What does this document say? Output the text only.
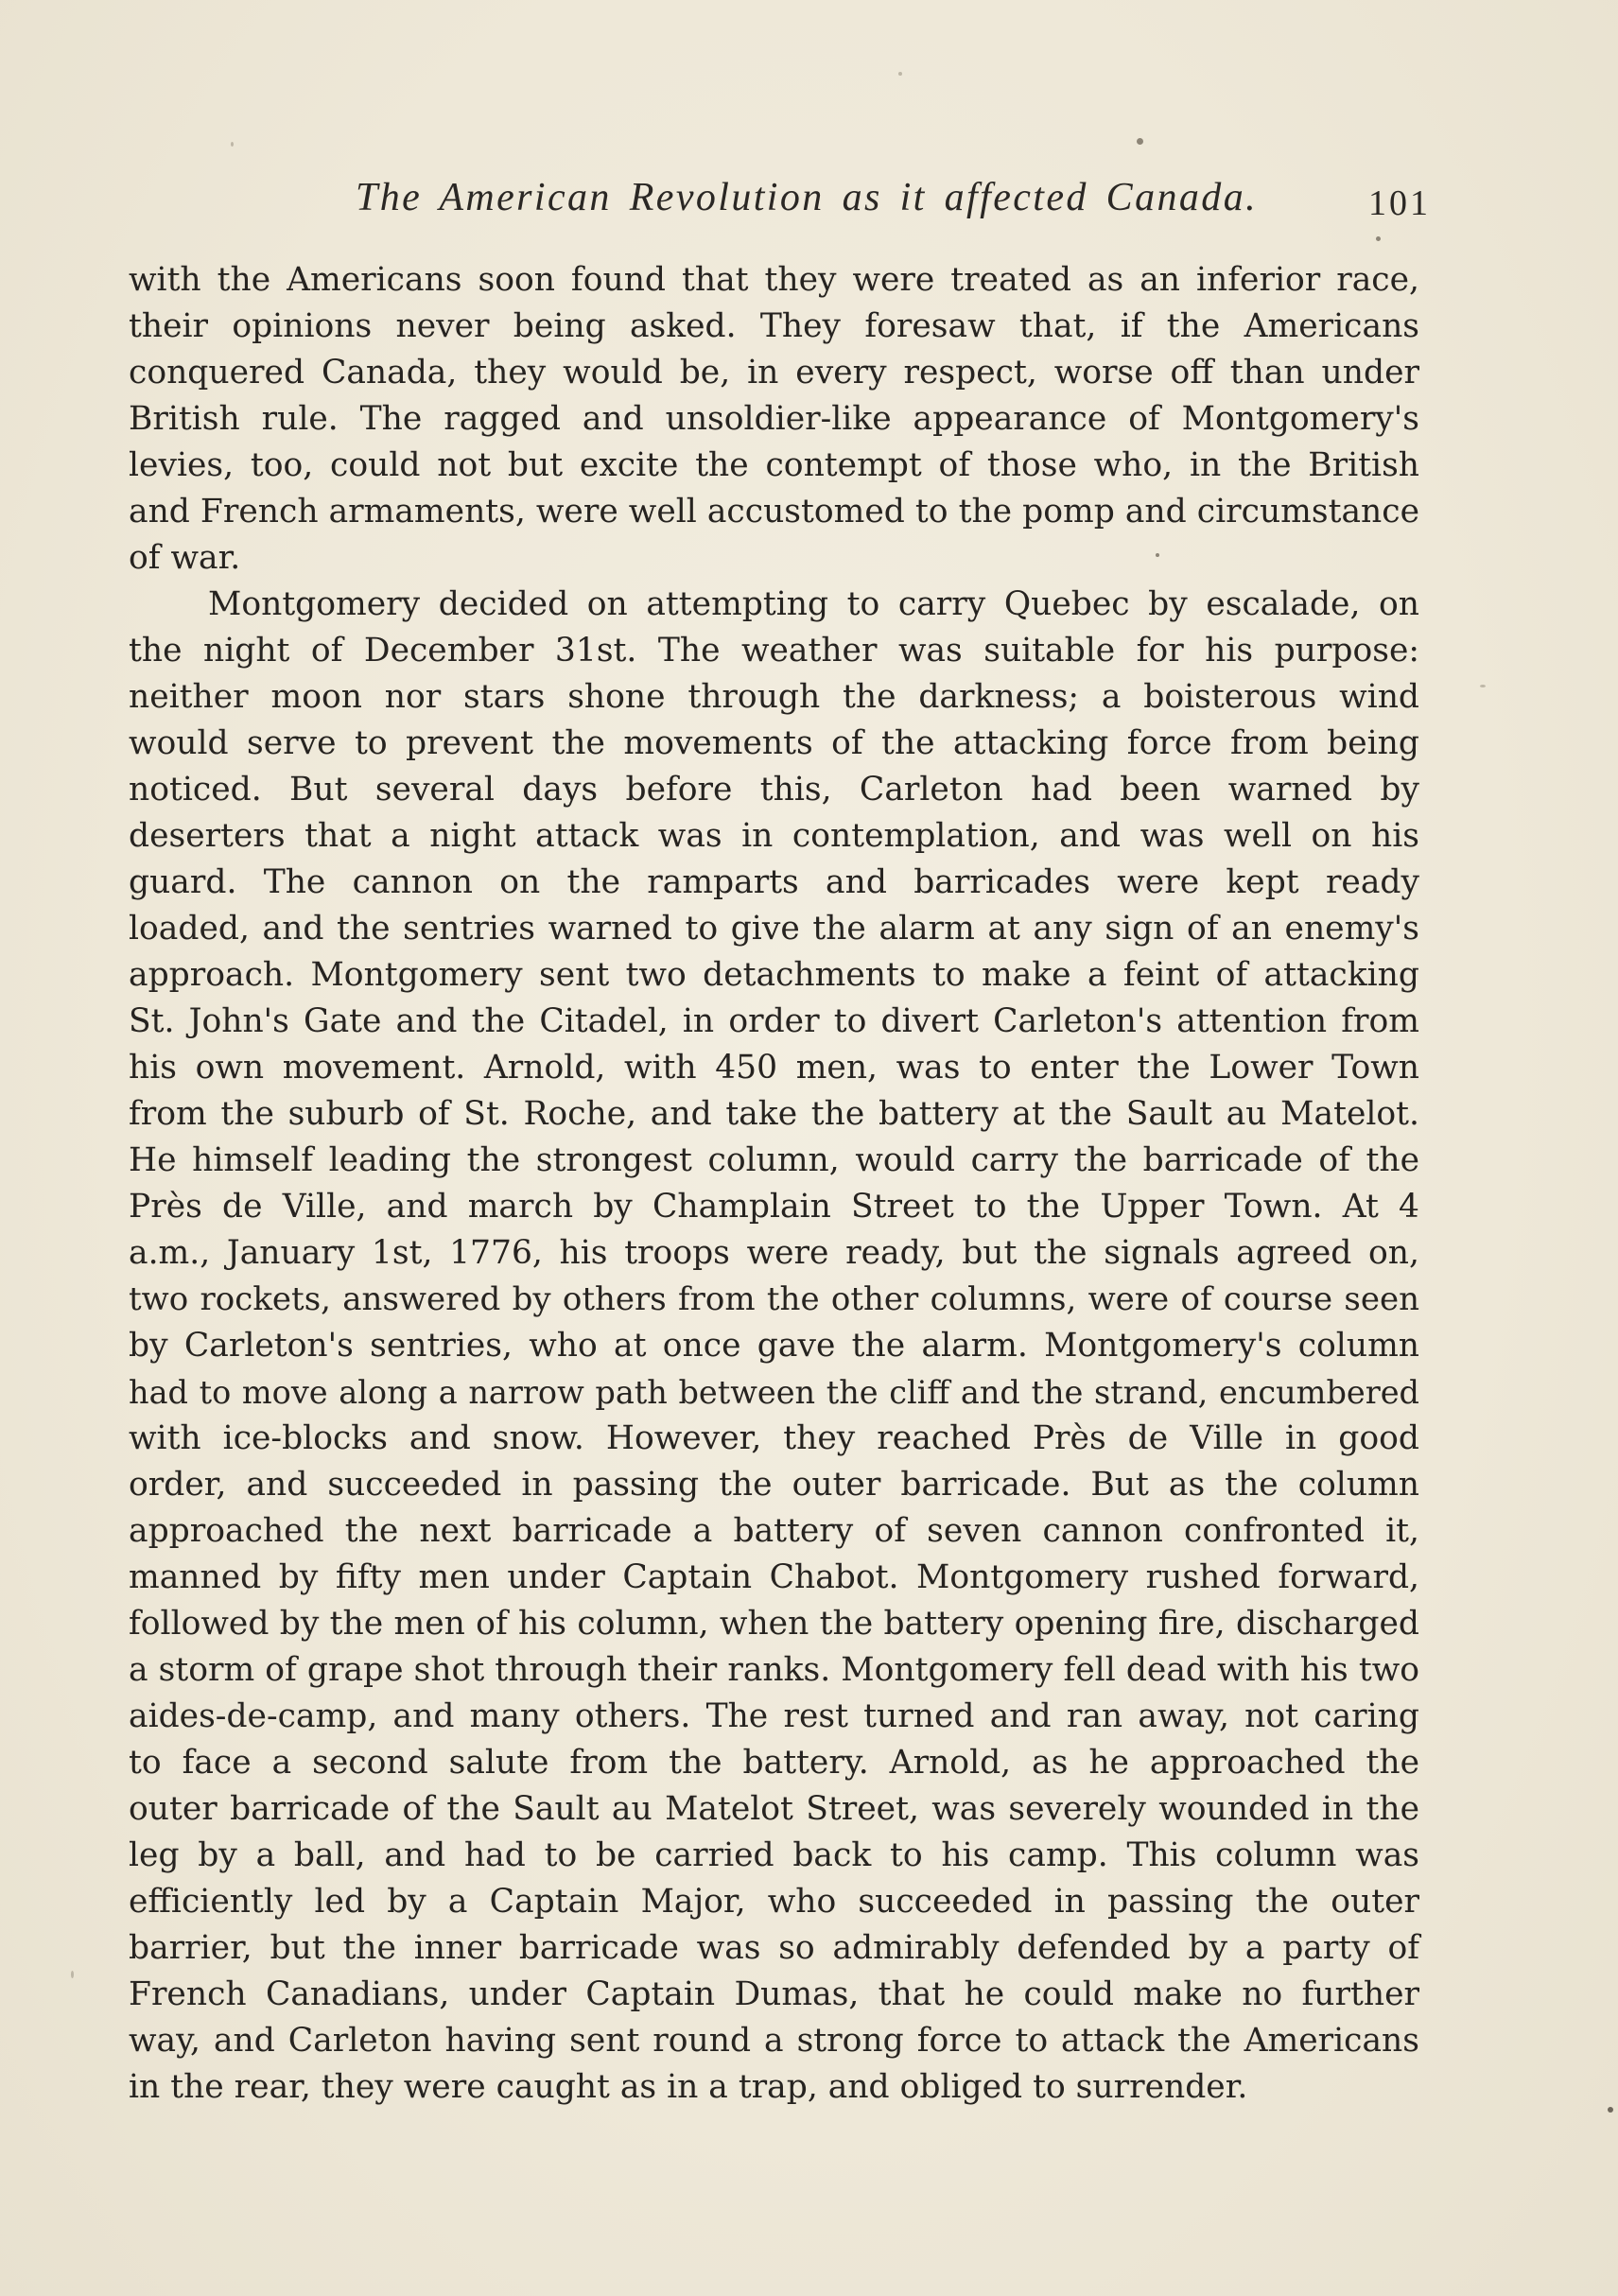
The American Revolution as it affected Canada.	101
with the Americans soon found that they were treated as an inferior race,
their opinions never being asked. They foresaw that, if the Americans
conquered Canada, they would be, in every respect, worse off than under
British rule. The ragged and unsoldier-like appearance of Montgomery's
levies, too, could not but excite the contempt of those who, in the British
and French armaments, were well accustomed to the pomp and circumstance
of war.
Montgomery decided on attempting to carry Quebec by escalade, on
the night of December 31st. The weather was suitable for his purpose:
neither moon nor stars shone through the darkness; a boisterous wind
would serve to prevent the movements of the attacking force from being
noticed. But several days before this, Carleton had been warned by
deserters that a night attack was in contemplation, and was well on his
guard. The cannon on the ramparts and barricades were kept ready
loaded, and the sentries warned to give the alarm at any sign of an enemy's
approach. Montgomery sent two detachments to make a feint of attacking
St. John's Gate and the Citadel, in order to divert Carleton's attention from
his own movement. Arnold, with 450 men, was to enter the Lower Town
from the suburb of St. Roche, and take the battery at the Sault au Matelot.
He himself leading the strongest column, would carry the barricade of the
Près de Ville, and march by Champlain Street to the Upper Town. At 4
a.m., January 1st, 1776, his troops were ready, but the signals agreed on,
two rockets, answered by others from the other columns, were of course seen
by Carleton's sentries, who at once gave the alarm. Montgomery's column
had to move along a narrow path between the cliff and the strand, encumbered
with ice-blocks and snow. However, they reached Près de Ville in good
order, and succeeded in passing the outer barricade. But as the column
approached the next barricade a battery of seven cannon confronted it,
manned by fifty men under Captain Chabot. Montgomery rushed forward,
followed by the men of his column, when the battery opening fire, discharged
a storm of grape shot through their ranks. Montgomery fell dead with his two
aides-de-camp, and many others. The rest turned and ran away, not caring
to face a second salute from the battery. Arnold, as he approached the
outer barricade of the Sault au Matelot Street, was severely wounded in the
leg by a ball, and had to be carried back to his camp. This column was
efficiently led by a Captain Major, who succeeded in passing the outer
barrier, but the inner barricade was so admirably defended by a party of
French Canadians, under Captain Dumas, that he could make no further
way, and Carleton having sent round a strong force to attack the Americans
in the rear, they were caught as in a trap, and obliged to surrender.
